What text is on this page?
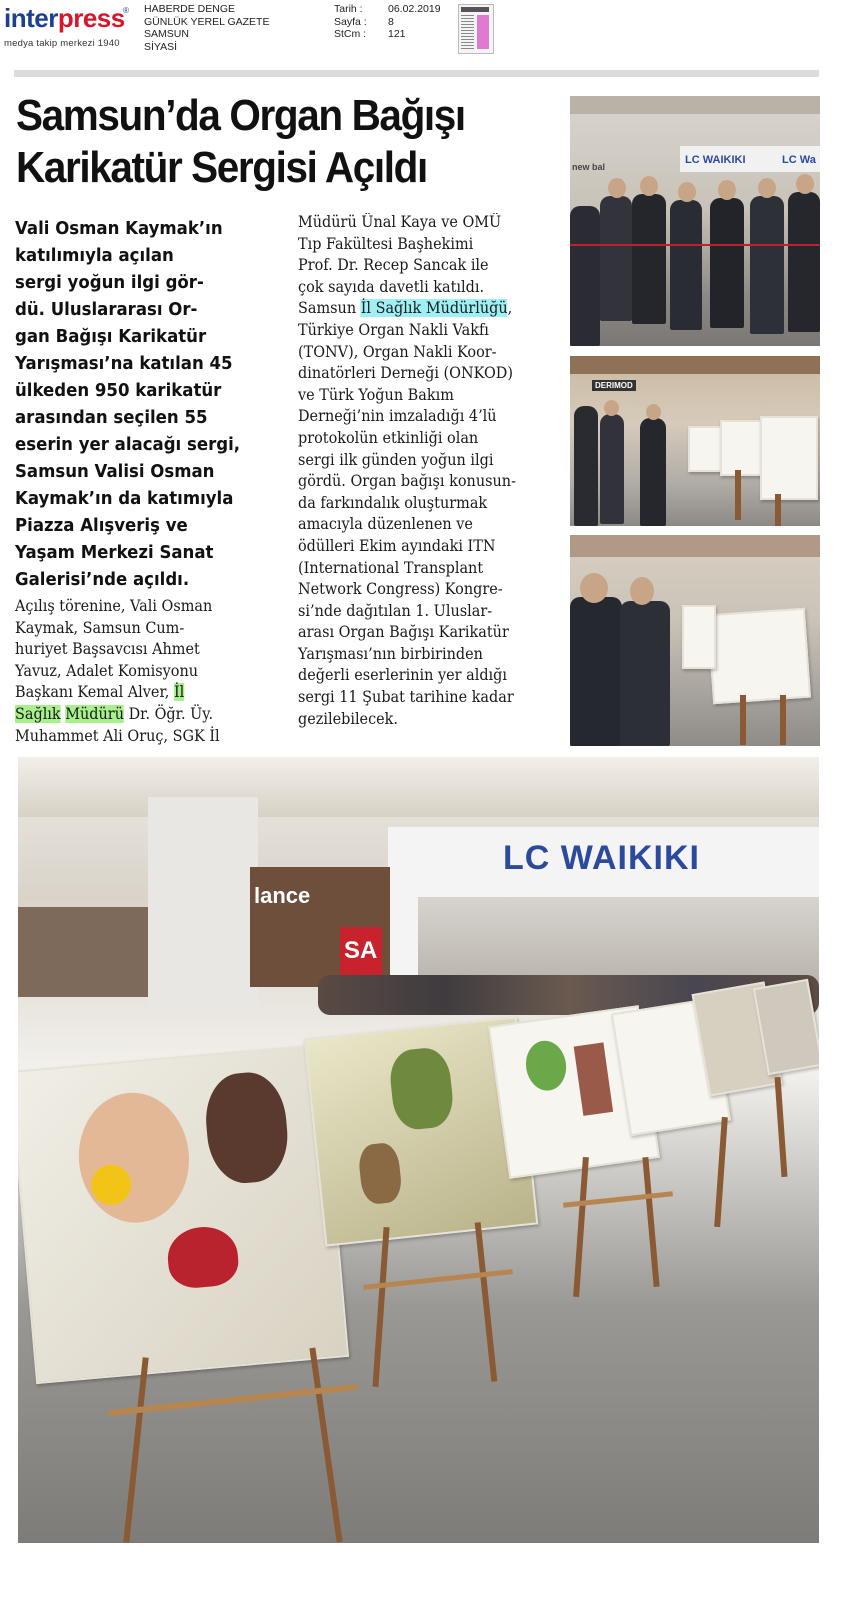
interpress
®
medya takip merkezi 1940
HABERDE DENGE
GÜNLÜK YEREL GAZETE
SAMSUN
SİYASİ
Tarih :	06.02.2019
Sayfa :	8
StCm :	121
Samsun’da Organ Bağışı
Karikatür Sergisi Açıldı
Vali Osman Kaymak’ın
katılımıyla açılan
sergi yoğun ilgi gör-
dü. Uluslararası Or-
gan Bağışı Karikatür
Yarışması’na katılan 45
ülkeden 950 karikatür
arasından seçilen 55
eserin yer alacağı sergi,
Samsun Valisi Osman
Kaymak’ın da katımıyla
Piazza Alışveriş ve
Yaşam Merkezi Sanat
Galerisi’nde açıldı.
Açılış törenine, Vali Osman
Kaymak, Samsun Cum-
huriyet Başsavcısı Ahmet
Yavuz, Adalet Komisyonu
Başkanı Kemal Alver, İl
Sağlık Müdürü Dr. Öğr. Üy.
Muhammet Ali Oruç, SGK İl
Müdürü Ünal Kaya ve OMÜ
Tıp Fakültesi Başhekimi
Prof. Dr. Recep Sancak ile
çok sayıda davetli katıldı.
Samsun İl Sağlık Müdürlüğü,
Türkiye Organ Nakli Vakfı
(TONV), Organ Nakli Koor-
dinatörleri Derneği (ONKOD)
ve Türk Yoğun Bakım
Derneği’nin imzaladığı 4’lü
protokolün etkinliği olan
sergi ilk günden yoğun ilgi
gördü. Organ bağışı konusun-
da farkındalık oluşturmak
amacıyla düzenlenen ve
ödülleri Ekim ayındaki ITN
(International Transplant
Network Congress) Kongre-
si’nde dağıtılan 1. Uluslar-
arası Organ Bağışı Karikatür
Yarışması’nın birbirinden
değerli eserlerinin yer aldığı
sergi 11 Şubat tarihine kadar
gezilebilecek.
LC WAIKIKI	LC Wa
new bal
DERIMOD
LC WAIKIKI
lance
SA
